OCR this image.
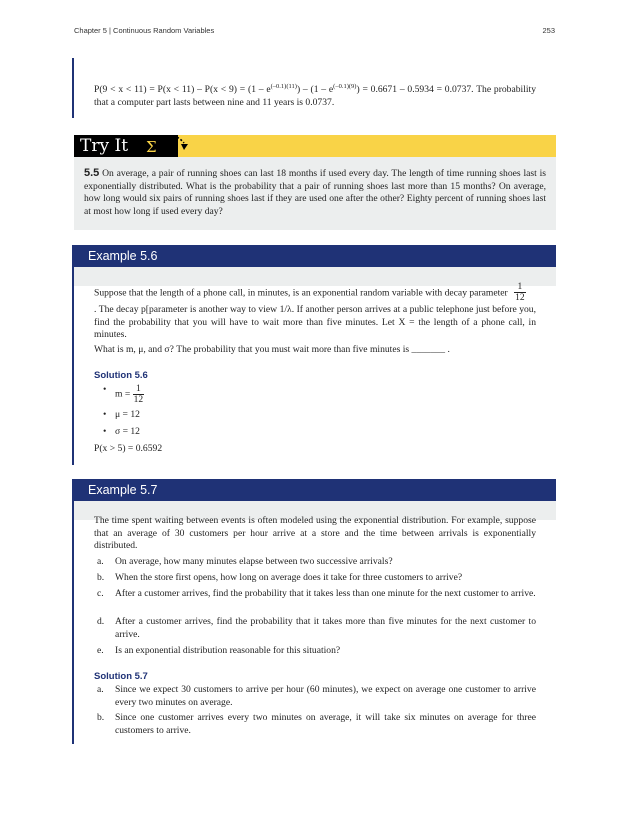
Chapter 5 | Continuous Random Variables	253
$P(9 < x < 11) = P(x < 11) - P(x < 9) = (1 - e^{(-0.1)(11)}) - (1 - e^{(-0.1)(9)}) = 0.6671 - 0.5934 = 0.0737$. The probability that a computer part lasts between nine and 11 years is 0.0737.
Try It	Σ
5.5 On average, a pair of running shoes can last 18 months if used every day. The length of time running shoes last is exponentially distributed. What is the probability that a pair of running shoes last more than 15 months? On average, how long would six pairs of running shoes last if they are used one after the other? Eighty percent of running shoes last at most how long if used every day?
Example 5.6
Suppose that the length of a phone call, in minutes, is an exponential random variable with decay parameter $\frac{1}{12}$
. The decay p[parameter is another way to view 1/λ. If another person arrives at a public telephone just before you, find the probability that you will have to wait more than five minutes. Let X = the length of a phone call, in minutes.
What is m, μ, and σ? The probability that you must wait more than five minutes is _______ .
Solution 5.6
• $m = \frac{1}{12}$
• μ = 12
• σ = 12
P(x > 5) = 0.6592
Example 5.7
The time spent waiting between events is often modeled using the exponential distribution. For example, suppose that an average of 30 customers per hour arrive at a store and the time between arrivals is exponentially distributed.
a. On average, how many minutes elapse between two successive arrivals?
b. When the store first opens, how long on average does it take for three customers to arrive?
c. After a customer arrives, find the probability that it takes less than one minute for the next customer to arrive.
d. After a customer arrives, find the probability that it takes more than five minutes for the next customer to arrive.
e. Is an exponential distribution reasonable for this situation?
Solution 5.7
a. Since we expect 30 customers to arrive per hour (60 minutes), we expect on average one customer to arrive every two minutes on average.
b. Since one customer arrives every two minutes on average, it will take six minutes on average for three customers to arrive.
